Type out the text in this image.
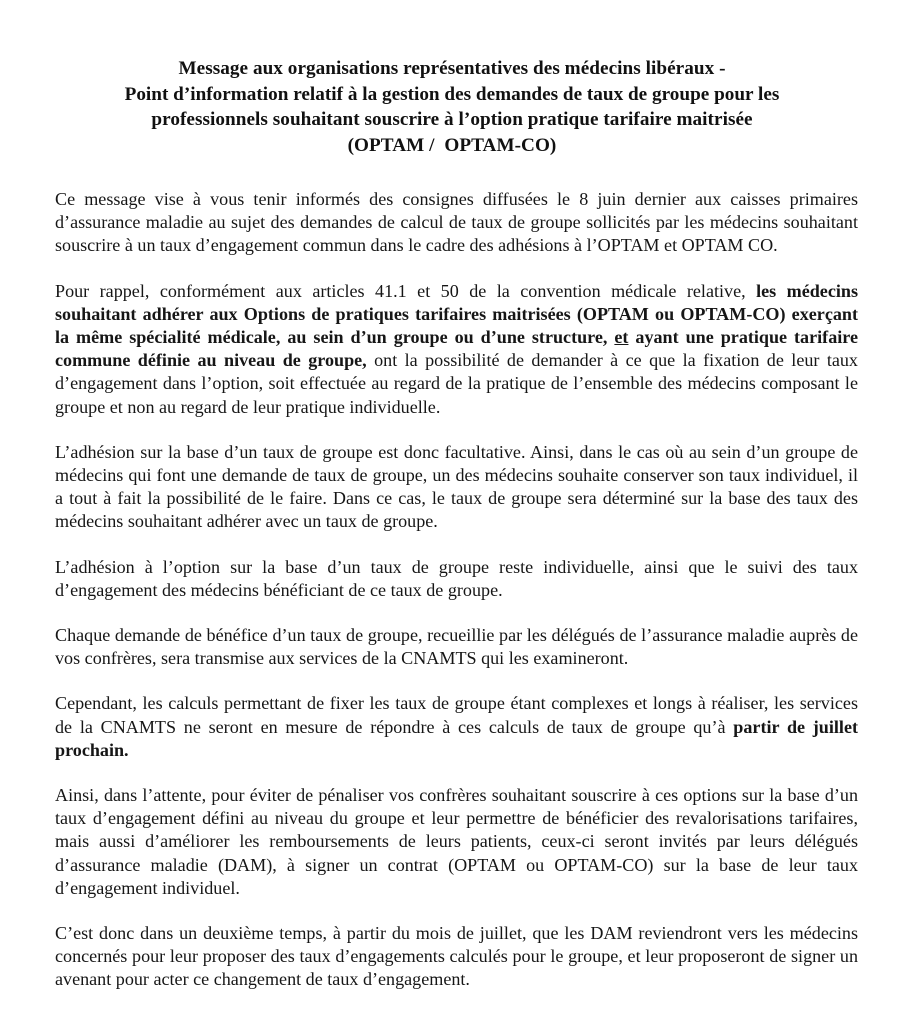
Message aux organisations représentatives des médecins libéraux -
Point d’information relatif à la gestion des demandes de taux de groupe pour les
professionnels souhaitant souscrire à l’option pratique tarifaire maitrisée
(OPTAM / OPTAM-CO)

Ce message vise à vous tenir informés des consignes diffusées le 8 juin dernier aux caisses primaires d’assurance maladie au sujet des demandes de calcul de taux de groupe sollicités par les médecins souhaitant souscrire à un taux d’engagement commun dans le cadre des adhésions à l’OPTAM et OPTAM CO.

Pour rappel, conformément aux articles 41.1 et 50 de la convention médicale relative, les médecins souhaitant adhérer aux Options de pratiques tarifaires maitrisées (OPTAM ou OPTAM-CO) exerçant la même spécialité médicale, au sein d’un groupe ou d’une structure, et ayant une pratique tarifaire commune définie au niveau de groupe, ont la possibilité de demander à ce que la fixation de leur taux d’engagement dans l’option, soit effectuée au regard de la pratique de l’ensemble des médecins composant le groupe et non au regard de leur pratique individuelle.

L’adhésion sur la base d’un taux de groupe est donc facultative. Ainsi, dans le cas où au sein d’un groupe de médecins qui font une demande de taux de groupe, un des médecins souhaite conserver son taux individuel, il a tout à fait la possibilité de le faire. Dans ce cas, le taux de groupe sera déterminé sur la base des taux des médecins souhaitant adhérer avec un taux de groupe.

L’adhésion à l’option sur la base d’un taux de groupe reste individuelle, ainsi que le suivi des taux d’engagement des médecins bénéficiant de ce taux de groupe.

Chaque demande de bénéfice d’un taux de groupe, recueillie par les délégués de l’assurance maladie auprès de vos confrères, sera transmise aux services de la CNAMTS qui les examineront.

Cependant, les calculs permettant de fixer les taux de groupe étant complexes et longs à réaliser, les services de la CNAMTS ne seront en mesure de répondre à ces calculs de taux de groupe qu’à partir de juillet prochain.

Ainsi, dans l’attente, pour éviter de pénaliser vos confrères souhaitant souscrire à ces options sur la base d’un taux d’engagement défini au niveau du groupe et leur permettre de bénéficier des revalorisations tarifaires, mais aussi d’améliorer les remboursements de leurs patients, ceux-ci seront invités par leurs délégués d’assurance maladie (DAM), à signer un contrat (OPTAM ou OPTAM-CO) sur la base de leur taux d’engagement individuel.

C’est donc dans un deuxième temps, à partir du mois de juillet, que les DAM reviendront vers les médecins concernés pour leur proposer des taux d’engagements calculés pour le groupe, et leur proposeront de signer un avenant pour acter ce changement de taux d’engagement.
